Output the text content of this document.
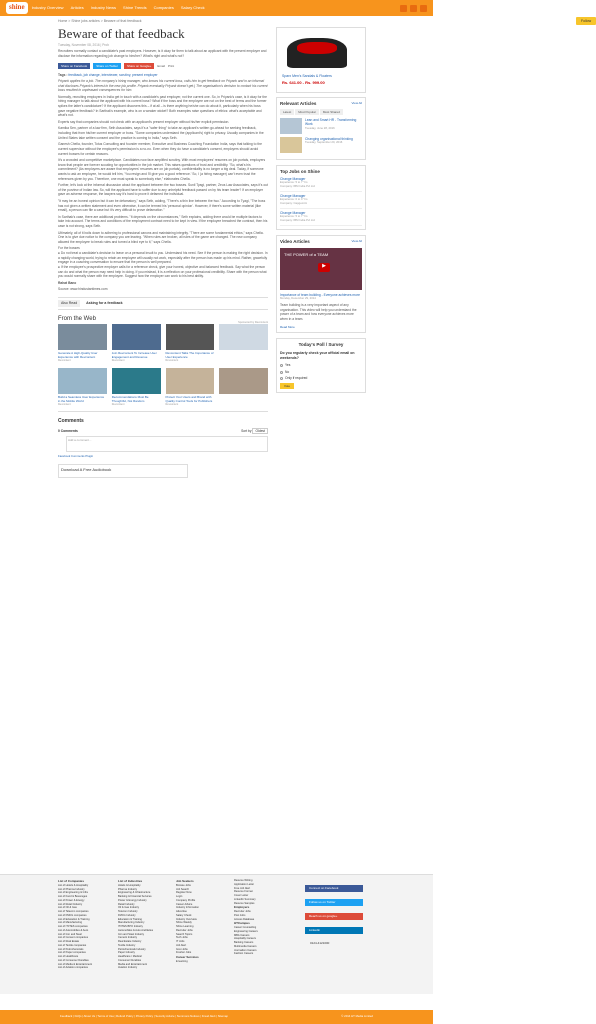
shine	Industry Overview Articles Industry News Shine Trends Companies Salary Check
Home > Shine jobs articles > Beware of that feedback
Beware of that feedback
Tuesday, November 08, 2016 | Prob

Recruiters normally contact a candidate's past employers. However, is it okay for them to talk about an applicant with the present employer and disclose the information regarding job change to him/her? What's right and what's not?

Share on Facebook	Share on Twitter	Share on Google+	Email Print
Tags : feedback, job change, interviewer, scrutiny, present employer

Priyank applies for a job. The company's hiring manager, who knows his current boss, calls him to get feedback on Priyank and in an informal chat discloses Priyank's interest in the new job profile. Priyank eventually Priyank doesn't get.) The organisation's decision to contact his current boss resulted in unpleasant consequences for him.

Normally, recruiting employers in India get in touch with a candidate's past employer, not the current one. So, in Priyank's case, is it okay for the hiring manager to talk about the applicant with his current boss? What if the boss and the employee are not on the best of terms and the former spikes the latter's candidature? If the applicant discovers this – if at all – is there anything he/she can do about it, particularly when his boss gave negative feedback? In Sarthak's example, who is on a weaker wicket? Both examples raise questions of ethics: what's acceptable and what's not.

Experts say that companies should not check with an applicant's present employer without his/her explicit permission.

Kamika Sen, partner of a law firm, Seth Associates, says it's a "safer thing" to take an applicant's written go-ahead for seeking feedback, including that from his/her current employer or boss. "Some companies understand the (applicant's) right to privacy. Usually companies in the United States take written consent and the practice is coming to India," says Seth.

Ganesh Chella, founder, Totus Consulting and founder member, Executive and Business Coaching Foundation India, says that talking to the current supervisor without the employee's permission is a no-no. Even when they do have a candidate's consent, employers should avoid current bosses for certain reasons.

It's a crowded and competitive marketplace. Candidates now face amplified scrutiny. With most employees' resumes on job portals, employers know that people are forever scouting for opportunities in the job market. This raises questions of trust and credibility. "So, what's his commitment? (As employers are aware that employees' resumes are on job portals), confidentiality is no longer a big deal. Today, if someone wants to ask an employee, he would tell him, 'You resign and I'll give you a good reference.' So, I (a hiring manager) can't even trust the references given by you. Therefore, one must speak to somebody else," elaborates Chella.

Further, let's look at the informal discussion about the applicant between the two bosses. Sunil Tyagi, partner, Zeus Law Associates, says it's out of the purview of Indian law. So, will the applicant have to suffer due to any unhelpful feedback passed on by his team leader? If an employer gave an adverse response, the lawyers say it's hard to prove it defamed the individual.

"It may be an honest opinion but it can be defamatory," says Seth, adding, "There's a thin line between the two." According to Tyagi, "The boss has not given a written statement and even otherwise, it can be termed his 'personal opinion'. However, if there's some written material (like email), a person can file a case but it's very difficult to prove defamation."

In Sarthak's case, there are additional problems. "It depends on the circumstances," Seth explains, adding there would be multiple factors to take into account. The terms and conditions of the employment contract need to be kept in view. If the employee breached the contract, then his case is not strong, says Seth.

Ultimately, all of it boils down to adhering to professional canons and maintaining integrity. "There are some fundamental ethics," says Chella. One is to give due notice to the company you are leaving. "When rules are broken, all rules of the game are changed. The new company allowed the employee to break rules and turned a blind eye to it," says Chella.

For the bosses
● Do not treat a candidate's decision to leave on a personal insult to you. Understand his need. See if the person is making the right decision. In a rapidly changing world, trying to retain an employee will usually not work, especially after the person has made up his mind. Rather, gracefully engage in a coaching conversation to ensure that the person is well prepared.
● If the employee's prospective employer calls for a reference check, give your honest, objective and balanced feedback. Say what the person can do and what the person may need help in doing. If you mislead, it is a reflection on your professional credibility. Share with the person what you would normally share with the employee. Suggest how the employer can work to his best ability.

Rahat Bano

Source: www.hindustantimes.com

Also Read	Asking for a feedback
From the Web
Sponsored by Revcontent
Generate A High-Quality User Experience with Revcontent
Revcontent
Join Revcontent To Increase User Engagement and Revenue
Revcontent
Revcontent Talks The Importance of User Experience
Revcontent
Build a Seamless User Experience in the Mobile World
Revcontent
Recommendations Must Be Thoughtful, Not Random
Revcontent
Protect Your Users and Brand with Quality Control Tools for Publishers
Revcontent
Comments
0 Comments	Sort by Oldest
Add a comment...
Facebook Comments Plugin
Download A Free Audiobook
Follow
Sparx Men's Sandals & Floaters
Rs. 641.00 - Rs. 999.00
Relevant Articles	View All
Latest	Most Popular	Most Shared
Lean and Smart HR - Transforming Work
Tuesday, June 28, 2016
Changing organisational thinking
Tuesday, September 20, 2016
Top Jobs on Shine
Change Manager
Experience: 5 to 7 Yrs
Company: IBM India Pvt Ltd
Change Manager
Experience: 0 to 0 Yrs
Company: Capgemini
Change Manager
Experience: 5 to 7 Yrs
Company: IBM India Pvt Ltd
Video Articles	View All
THE POWER of a TEAM
▶
Importance of team building - Everyone achieves more
Monday, December 29, 2014
Team building is a very important aspect of any organisation. This video will help you understand the power of a team and how everyone achieves more when in a team.
Read More
Today's Poll / Survey
Do you regularly check your official email on weekends?
Yes
No
Only if required
Vote
List of Companies
List of Hotels & Hospitality
List of Pharma Industry
List of Engineering & Infra
List of Food & Beverages
List of Power & Energy
List of Retail Industry
List of Oil & Gas
List of Telecom companies
List of FMCG companies
List of Education & Training
List of Manufacturing
List of IT/ITES companies
List of Automobiles & Auto
List of Iron and Steel
List of Cement companies
List of Real Estate
List of Textile companies
List of Petrochemicals
List of Paper companies
List of Healthcare
List of Consumer Durables
List of Media & Entertainment
List of Aviation companies
List of Industries
Hotels & Hospitality
Pharma Industry
Engineering & Infrastructure
Banking & Financial Services
Power & Energy Industry
Retail Industry
Oil & Gas Industry
Telecom Industry
FMCG Industry
Education & Training
Manufacturing Industry
IT/ITES BPO Industry
Automobiles & Auto Ancillaries
Iron and Steel Industry
Cement Industry
Real Estate Industry
Textile Industry
Petrochemicals Industry
Paper Industry
Healthcare / Medical
Consumer Durables
Media and Entertainment
Aviation Industry
Job Seekers
Browse Jobs
Job Search
Register Now
Login
Company Profile
Career Advice
Industry Information
Advertise
Salary Check
Industry Overview
Shine Weekly
Shine Learning
Recruiter Jobs
Search Topics
Tech Jobs
IT Jobs
Job Alert
Govt Jobs
Fresher Jobs
Career Services
E learning
Resume Writing
Application Letter
Free Job Alert
Resume Format
Cover Letter
LinkedIn Summary
Resume Samples
Employers
Recruiter Jobs
Post Jobs
Access Database
HTCampus
Career Counselling
Engineering Careers
MBA Careers
Hospitality Careers
Banking Careers
Multimedia Careers
Journalism Careers
Fashion Careers
Connect on Facebook
Follow us on Twitter
Reach us on google+
Linkedin
0124-4121000
Feedback | FAQs | About Us | Terms of Use | Refund Policy | Privacy Policy | Security Advice | Summons Notices | Fraud Alert | Sitemap	© 2014 HT Media Limited
